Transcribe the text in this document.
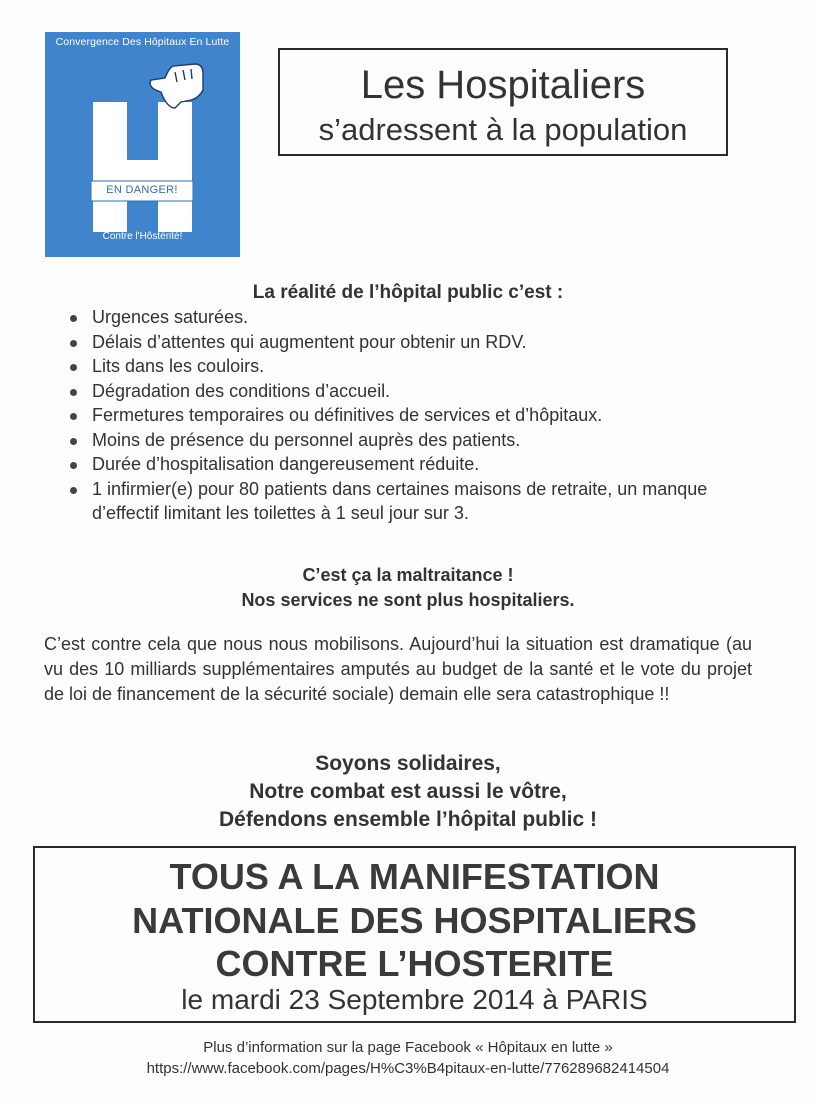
Convergence Des Hôpitaux En Lutte
EN DANGER!
Contre l'Hôstérité!
Les Hospitaliers
s’adressent à la population
La réalité de l’hôpital public c’est :
Urgences saturées.
Délais d’attentes qui augmentent pour obtenir un RDV.
Lits dans les couloirs.
Dégradation des conditions d’accueil.
Fermetures temporaires ou définitives de services et d’hôpitaux.
Moins de présence du personnel auprès des patients.
Durée d’hospitalisation dangereusement réduite.
1 infirmier(e) pour 80 patients dans certaines maisons de retraite, un manque d’effectif limitant les toilettes à 1 seul jour sur 3.
C’est ça la maltraitance !
Nos services ne sont plus hospitaliers.
C’est contre cela que nous nous mobilisons. Aujourd’hui la situation est dramatique (au vu des 10 milliards supplémentaires amputés au budget de la santé et le vote du projet de loi de financement de la sécurité sociale) demain elle sera catastrophique !!
Soyons solidaires,
Notre combat est aussi le vôtre,
Défendons ensemble l’hôpital public !
TOUS A LA MANIFESTATION
NATIONALE DES HOSPITALIERS
CONTRE L’HOSTERITE
le mardi 23 Septembre 2014 à PARIS
Plus d’information sur la page Facebook « Hôpitaux en lutte »
https://www.facebook.com/pages/H%C3%B4pitaux-en-lutte/776289682414504
